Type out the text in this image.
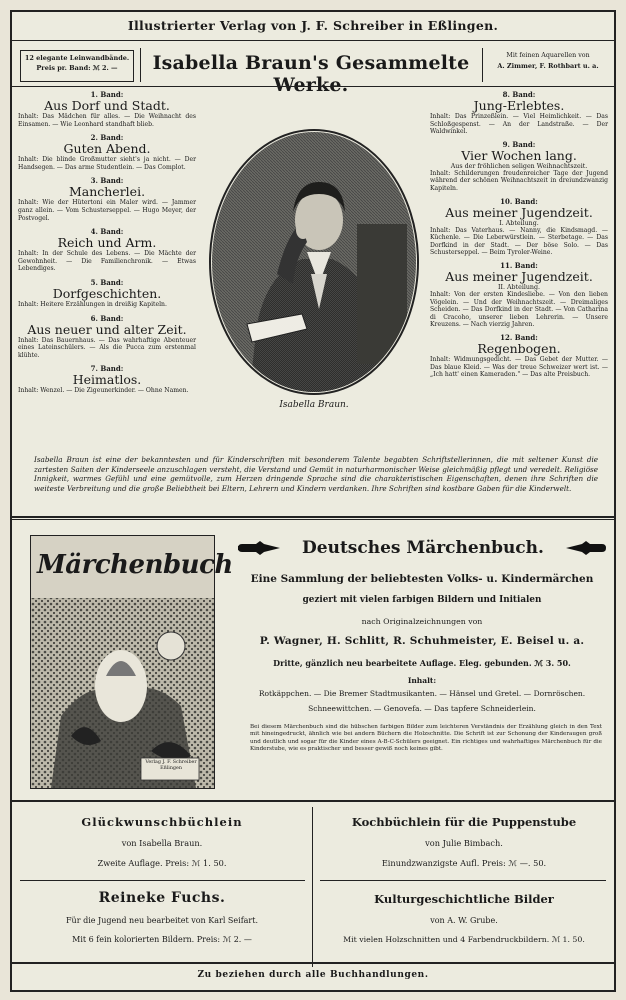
Illustrierter Verlag von J. F. Schreiber in Eßlingen.
12 elegante Leinwandbände.
Preis pr. Band: ℳ 2. —	Isabella Braun's Gesammelte Werke.
Mit feinen Aquarellen von
A. Zimmer, F. Rothbart u. a.
1. Band:
Aus Dorf und Stadt.
Inhalt: Das Mädchen für alles. — Die Weihnacht des Einsamen. — Wie Leonhard standhaft blieb.
2. Band:
Guten Abend.
Inhalt: Die blinde Großmutter sieht's ja nicht. — Der Handsegen. — Das arme Studentlein. — Das Complot.
3. Band:
Mancherlei.
Inhalt: Wie der Hütertoni ein Maler wird. — Jammer ganz allein. — Vom Schusterseppel. — Hugo Meyer, der Postvogel.
4. Band:
Reich und Arm.
Inhalt: In der Schule des Lebens. — Die Mächte der Gewohnheit. — Die Familienchronik. — Etwas Lebendiges.
5. Band:
Dorfgeschichten.
Inhalt: Heitere Erzählungen in dreißig Kapiteln.
6. Band:
Aus neuer und alter Zeit.
Inhalt: Das Bauernhaus. — Das wahrhaftige Abenteuer eines Lateinschülers. — Als die Pucca zum erstenmal klühte.
7. Band:
Heimatlos.
Inhalt: Wenzel. — Die Zigeunerkinder. — Ohne Namen.
Isabella Braun.
8. Band:
Jung-Erlebtes.
Inhalt: Das Prinzeßlein. — Viel Heimlichkeit. — Das Schloßgespenst. — An der Landstraße. — Der Waldwinkel.
9. Band:
Vier Wochen lang.
Aus der fröhlichen seligen Weihnachtszeit.
Inhalt: Schilderungen freudenreicher Tage der Jugend während der schönen Weihnachtszeit in dreiundzwanzig Kapiteln.
10. Band:
Aus meiner Jugendzeit.
I. Abteilung.
Inhalt: Das Vaterhaus. — Nanny, die Kindsmagd. — Küchenle. — Die Leberwürstlein. — Sterbetage. — Das Dorfkind in der Stadt. — Der böse Solo. — Das Schusterseppel. — Beim Tyroler-Weine.
11. Band:
Aus meiner Jugendzeit.
II. Abteilung.
Inhalt: Von der ersten Kindesliebe. — Von den lieben Vögelein. — Und der Weihnachtszeit. — Dreimaliges Scheiden. — Das Dorfkind in der Stadt. — Von Catharina di Cracoho, unserer lieben Lehrerin. — Unsere Kreuzens. — Nach vierzig Jahren.
12. Band:
Regenbogen.
Inhalt: Widmungsgedicht. — Das Gebet der Mutter. — Das blaue Kleid. — Was der treue Schweizer wert ist. — „Ich hatt' einen Kameraden." — Das alte Preisbuch.
Isabella Braun ist eine der bekanntesten und für Kinderschriften mit besonderem Talente begabten Schriftstellerinnen, die mit seltener Kunst die zartesten Saiten der Kinderseele anzuschlagen versteht, die Verstand und Gemüt in naturharmonischer Weise gleichmäßig pflegt und veredelt. Religiöse Innigkeit, warmes Gefühl und eine gemütvolle, zum Herzen dringende Sprache sind die charakteristischen Eigenschaften, denen ihre Schriften die weiteste Verbreitung und die große Beliebtheit bei Eltern, Lehrern und Kindern verdanken. Ihre Schriften sind kostbare Gaben für die Kinderwelt.
Märchenbuch
Verlag J. F. Schreiber Eßlingen
Deutsches Märchenbuch.
Eine Sammlung der beliebtesten Volks- u. Kindermärchen
geziert mit vielen farbigen Bildern und Initialen
nach Originalzeichnungen von
P. Wagner, H. Schlitt, R. Schuhmeister, E. Beisel u. a.
Dritte, gänzlich neu bearbeitete Auflage. Eleg. gebunden. ℳ 3. 50.
Inhalt:
Rotkäppchen. — Die Bremer Stadtmusikanten. — Hänsel und Gretel. — Dornröschen.
Schneewittchen. — Genovefa. — Das tapfere Schneiderlein.
Bei diesem Märchenbuch sind die hübschen farbigen Bilder zum leichteren Verständnis der Erzählung gleich in den Text mit hineingedruckt, ähnlich wie bei andern Büchern die Holzschnitte. Die Schrift ist zur Schonung der Kinderaugen groß und deutlich und sogar für die Kinder eines A-B-C-Schülers geeignet. Ein richtiges und wahrhaftiges Märchenbuch für die Kinderstube, wie es praktischer und besser gewiß noch keines gibt.
Glückwunschbüchlein
von Isabella Braun.
Zweite Auflage. Preis: ℳ 1. 50.
Kochbüchlein für die Puppenstube
von Julie Bimbach.
Einundzwanzigste Aufl. Preis: ℳ —. 50.
Reineke Fuchs.
Für die Jugend neu bearbeitet von Karl Seifart.
Mit 6 fein kolorierten Bildern. Preis: ℳ 2. —
Kulturgeschichtliche Bilder
von A. W. Grube.
Mit vielen Holzschnitten und 4 Farbendruckbildern. ℳ 1. 50.
Zu beziehen durch alle Buchhandlungen.
